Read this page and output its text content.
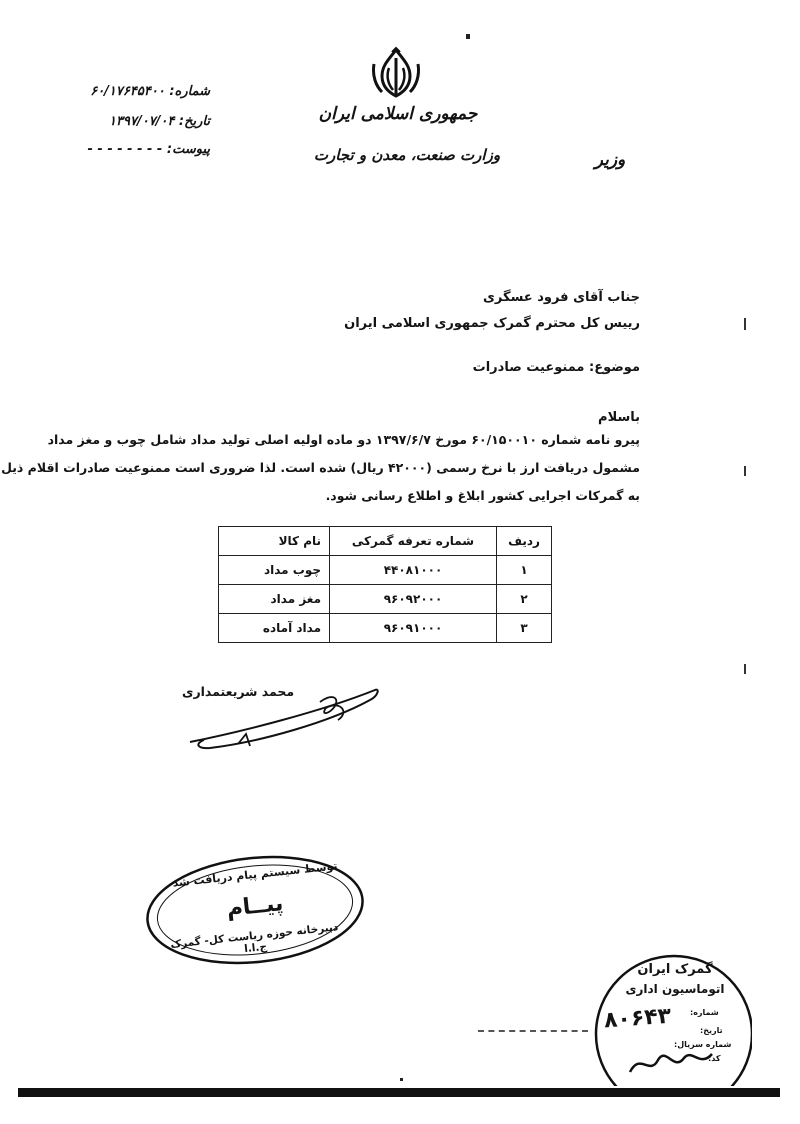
جمهوری اسلامی ایران
وزارت صنعت، معدن و تجارت	وزیر
شماره: ۶۰/۱۷۶۴۵۴۰۰
تاریخ: ۱۳۹۷/۰۷/۰۴
پیوست: - - - - - - - -
جناب آقای فرود عسگری
رییس کل محترم گمرک جمهوری اسلامی ایران
موضوع: ممنوعیت صادرات
باسلام
پیرو نامه شماره ۶۰/۱۵۰۰۱۰ مورخ ۱۳۹۷/۶/۷ دو ماده اولیه اصلی تولید مداد شامل چوب و مغز مداد
مشمول دریافت ارز با نرخ رسمی (۴۲۰۰۰ ریال) شده است. لذا ضروری است ممنوعیت صادرات اقلام ذیل
به گمرکات اجرایی کشور ابلاغ و اطلاع رسانی شود.
ردیف	شماره تعرفه گمرکی	نام کالا
۱	۴۴۰۸۱۰۰۰	چوب مداد
۲	۹۶۰۹۲۰۰۰	مغز مداد
۳	۹۶۰۹۱۰۰۰	مداد آماده
محمد شریعتمداری
توسط سیستم پیام دریافت شد
پیــام
دبیرخانه حوزه ریاست کل- گمرک ج.ا.ا
گمرک ایران
اتوماسیون اداری
شماره:
۸۰۶۴۳	تاریخ:
شماره سریال:
کد:
